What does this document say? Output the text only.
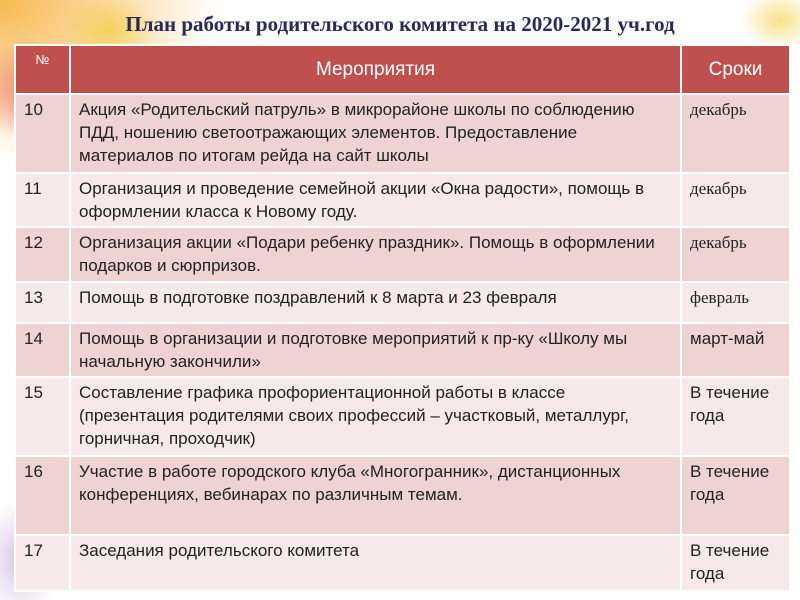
План работы родительского комитета на 2020-2021 уч.год
№	Мероприятия	Сроки
10	Акция «Родительский патруль» в микрорайоне школы по соблюдению ПДД, ношению светоотражающих элементов. Предоставление материалов по итогам рейда на сайт школы	декабрь
11	Организация и проведение семейной акции «Окна радости», помощь в оформлении класса к Новому году.	декабрь
12	Организация акции «Подари ребенку праздник». Помощь в оформлении подарков и сюрпризов.	декабрь
13	Помощь в подготовке поздравлений к 8 марта и 23 февраля	февраль
14	Помощь в организации и подготовке мероприятий к пр-ку «Школу мы начальную закончили»	март-май
15	Составление графика профориентационной работы в классе (презентация родителями своих профессий – участковый, металлург, горничная, проходчик)	В течение года
16	Участие в работе городского клуба «Многогранник», дистанционных конференциях, вебинарах по различным темам.	В течение года
17	Заседания родительского комитета	В течение года
